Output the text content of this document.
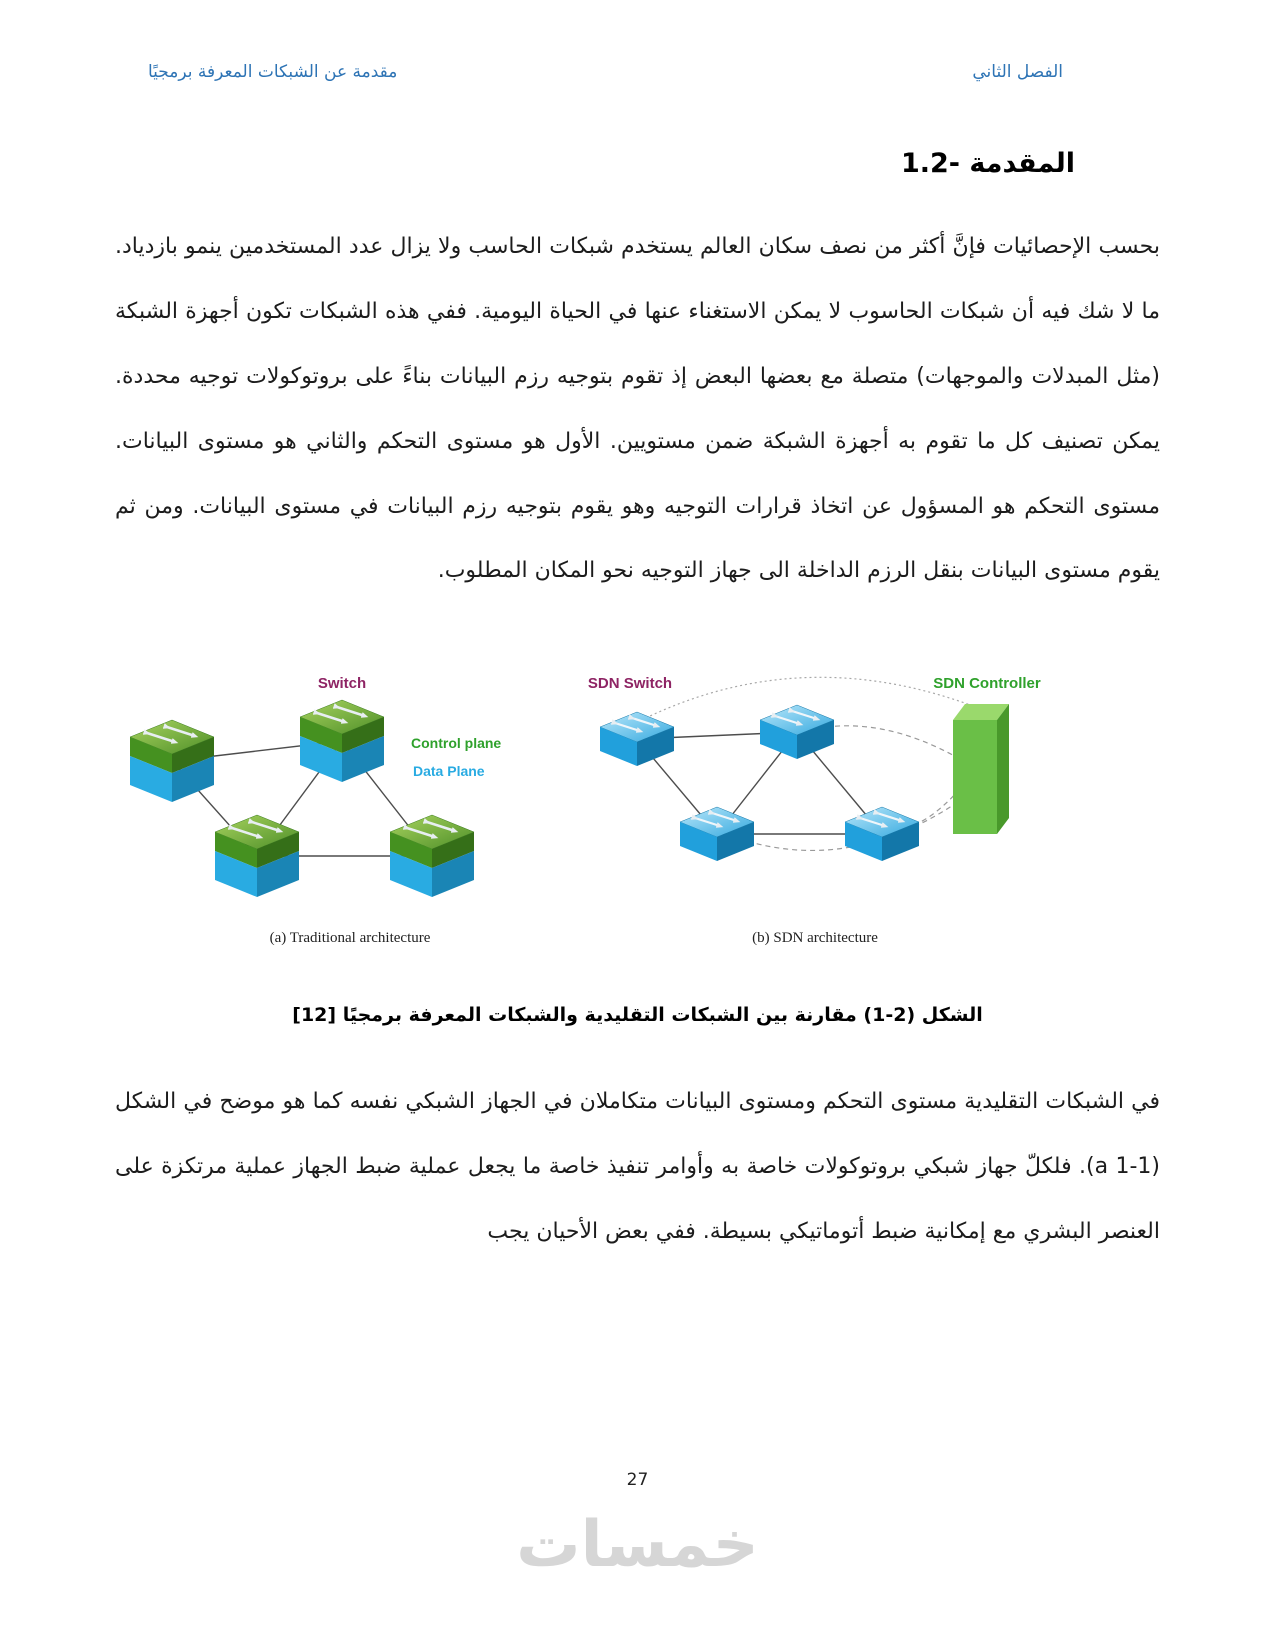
الفصل الثاني
مقدمة عن الشبكات المعرفة برمجيًا
1.2- المقدمة

بحسب الإحصائيات فإنَّ أكثر من نصف سكان العالم يستخدم شبكات الحاسب ولا يزال عدد المستخدمين ينمو بازدياد. ما لا شك فيه أن شبكات الحاسوب لا يمكن الاستغناء عنها في الحياة اليومية. ففي هذه الشبكات تكون أجهزة الشبكة (مثل المبدلات والموجهات) متصلة مع بعضها البعض إذ تقوم بتوجيه رزم البيانات بناءً على بروتوكولات توجيه محددة. يمكن تصنيف كل ما تقوم به أجهزة الشبكة ضمن مستويين. الأول هو مستوى التحكم والثاني هو مستوى البيانات. مستوى التحكم هو المسؤول عن اتخاذ قرارات التوجيه وهو يقوم بتوجيه رزم البيانات في مستوى البيانات. ومن ثم يقوم مستوى البيانات بنقل الرزم الداخلة الى جهاز التوجيه نحو المكان المطلوب.

Switch
Control plane
Data Plane
(a) Traditional architecture
SDN Switch	SDN Controller
(b) SDN architecture
الشكل (2-1) مقارنة بين الشبكات التقليدية والشبكات المعرفة برمجيًا [12]

في الشبكات التقليدية مستوى التحكم ومستوى البيانات متكاملان في الجهاز الشبكي نفسه كما هو موضح في الشكل (‪a 1-1‬). فلكلّ جهاز شبكي بروتوكولات خاصة به وأوامر تنفيذ خاصة ما يجعل عملية ضبط الجهاز عملية مرتكزة على العنصر البشري مع إمكانية ضبط أتوماتيكي بسيطة. ففي بعض الأحيان يجب

27
خمسات
